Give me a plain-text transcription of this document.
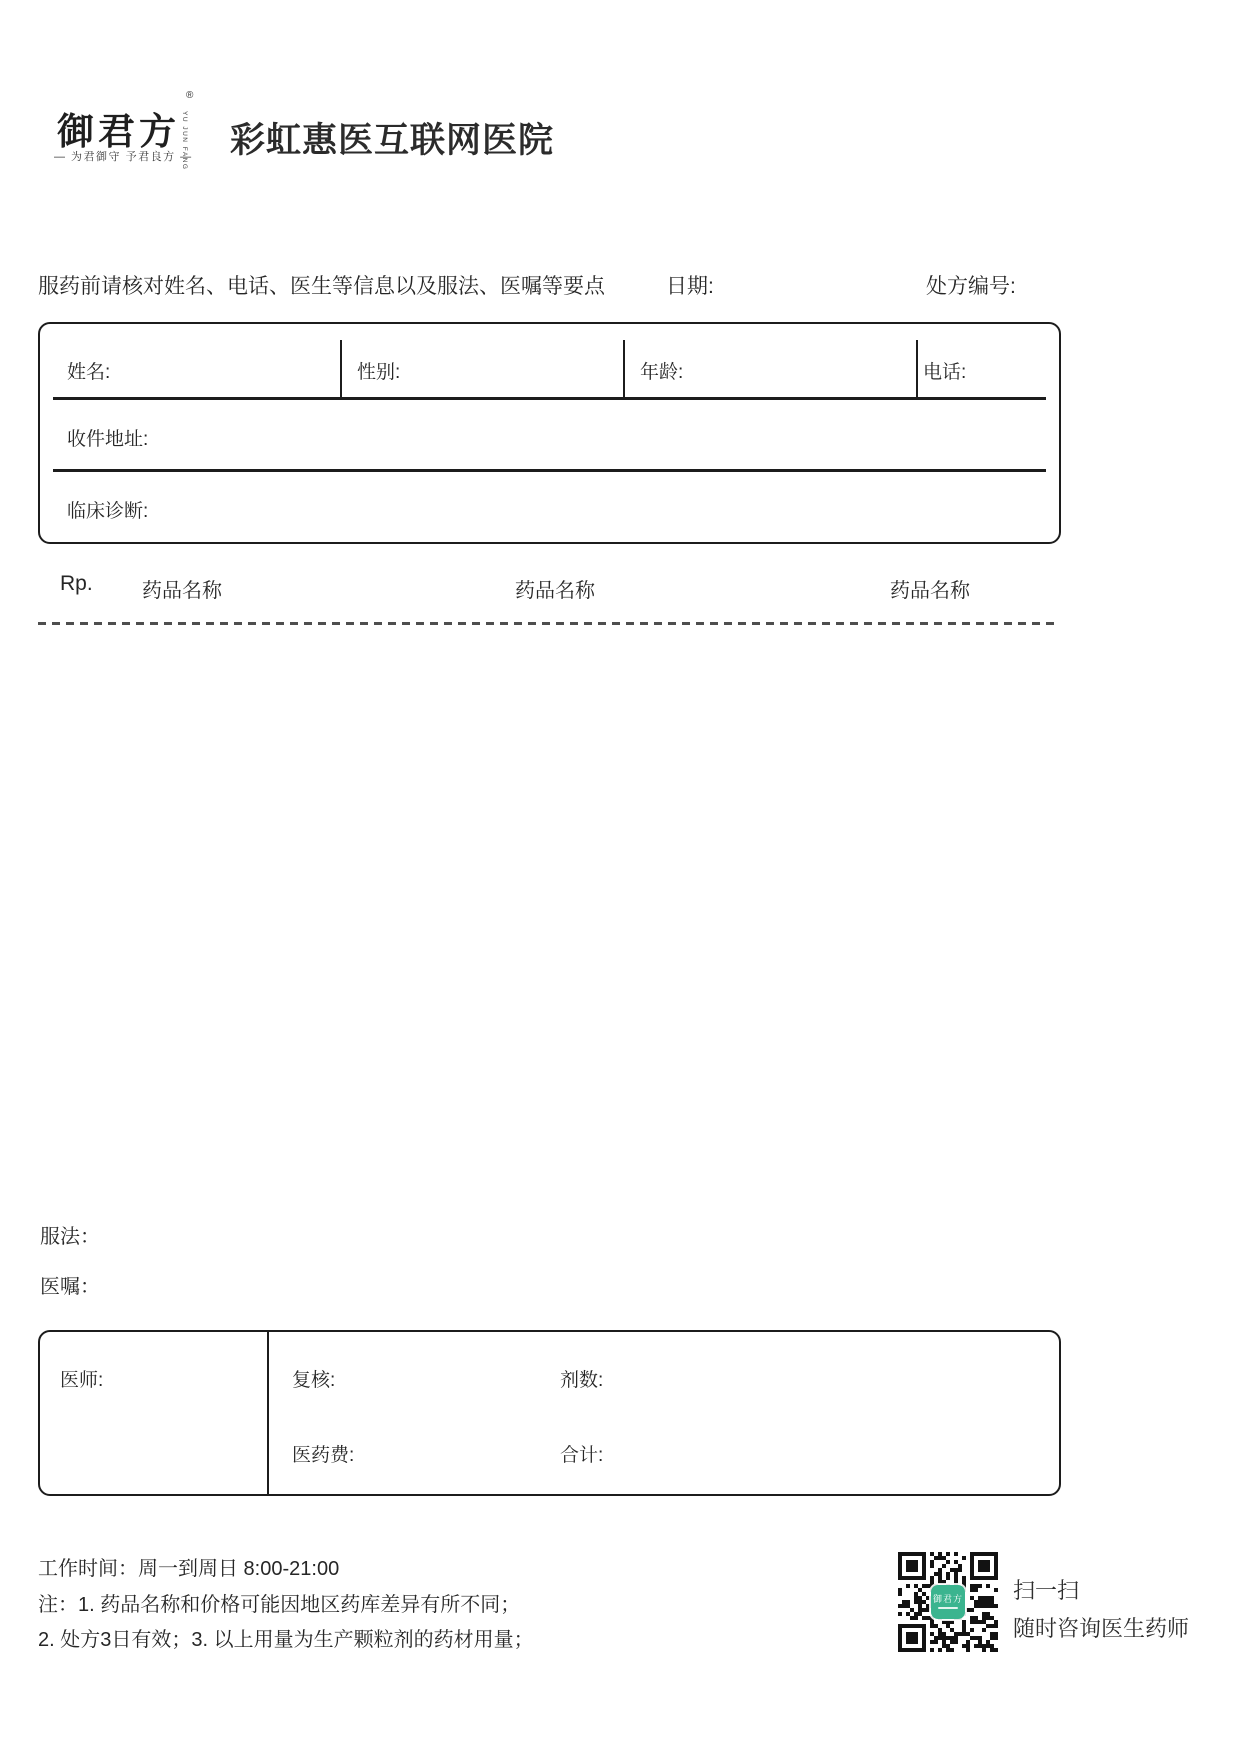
御君方
®
YU JUN FANG
— 为君御守 予君良方 — 彩虹惠医互联网医院
服药前请核对姓名、电话、医生等信息以及服法、医嘱等要点	日期:	处方编号:
姓名:	性别:	年龄:	电话:
收件地址:
临床诊断:
Rp. 药品名称	药品名称	药品名称
服法：
医嘱：
医师:	复核:	剂数:
医药费:	合计:
工作时间：周一到周日 8:00-21:00
注：1. 药品名称和价格可能因地区药库差异有所不同；
2. 处方3日有效；3. 以上用量为生产颗粒剂的药材用量；
御君方 扫一扫
随时咨询医生药师
